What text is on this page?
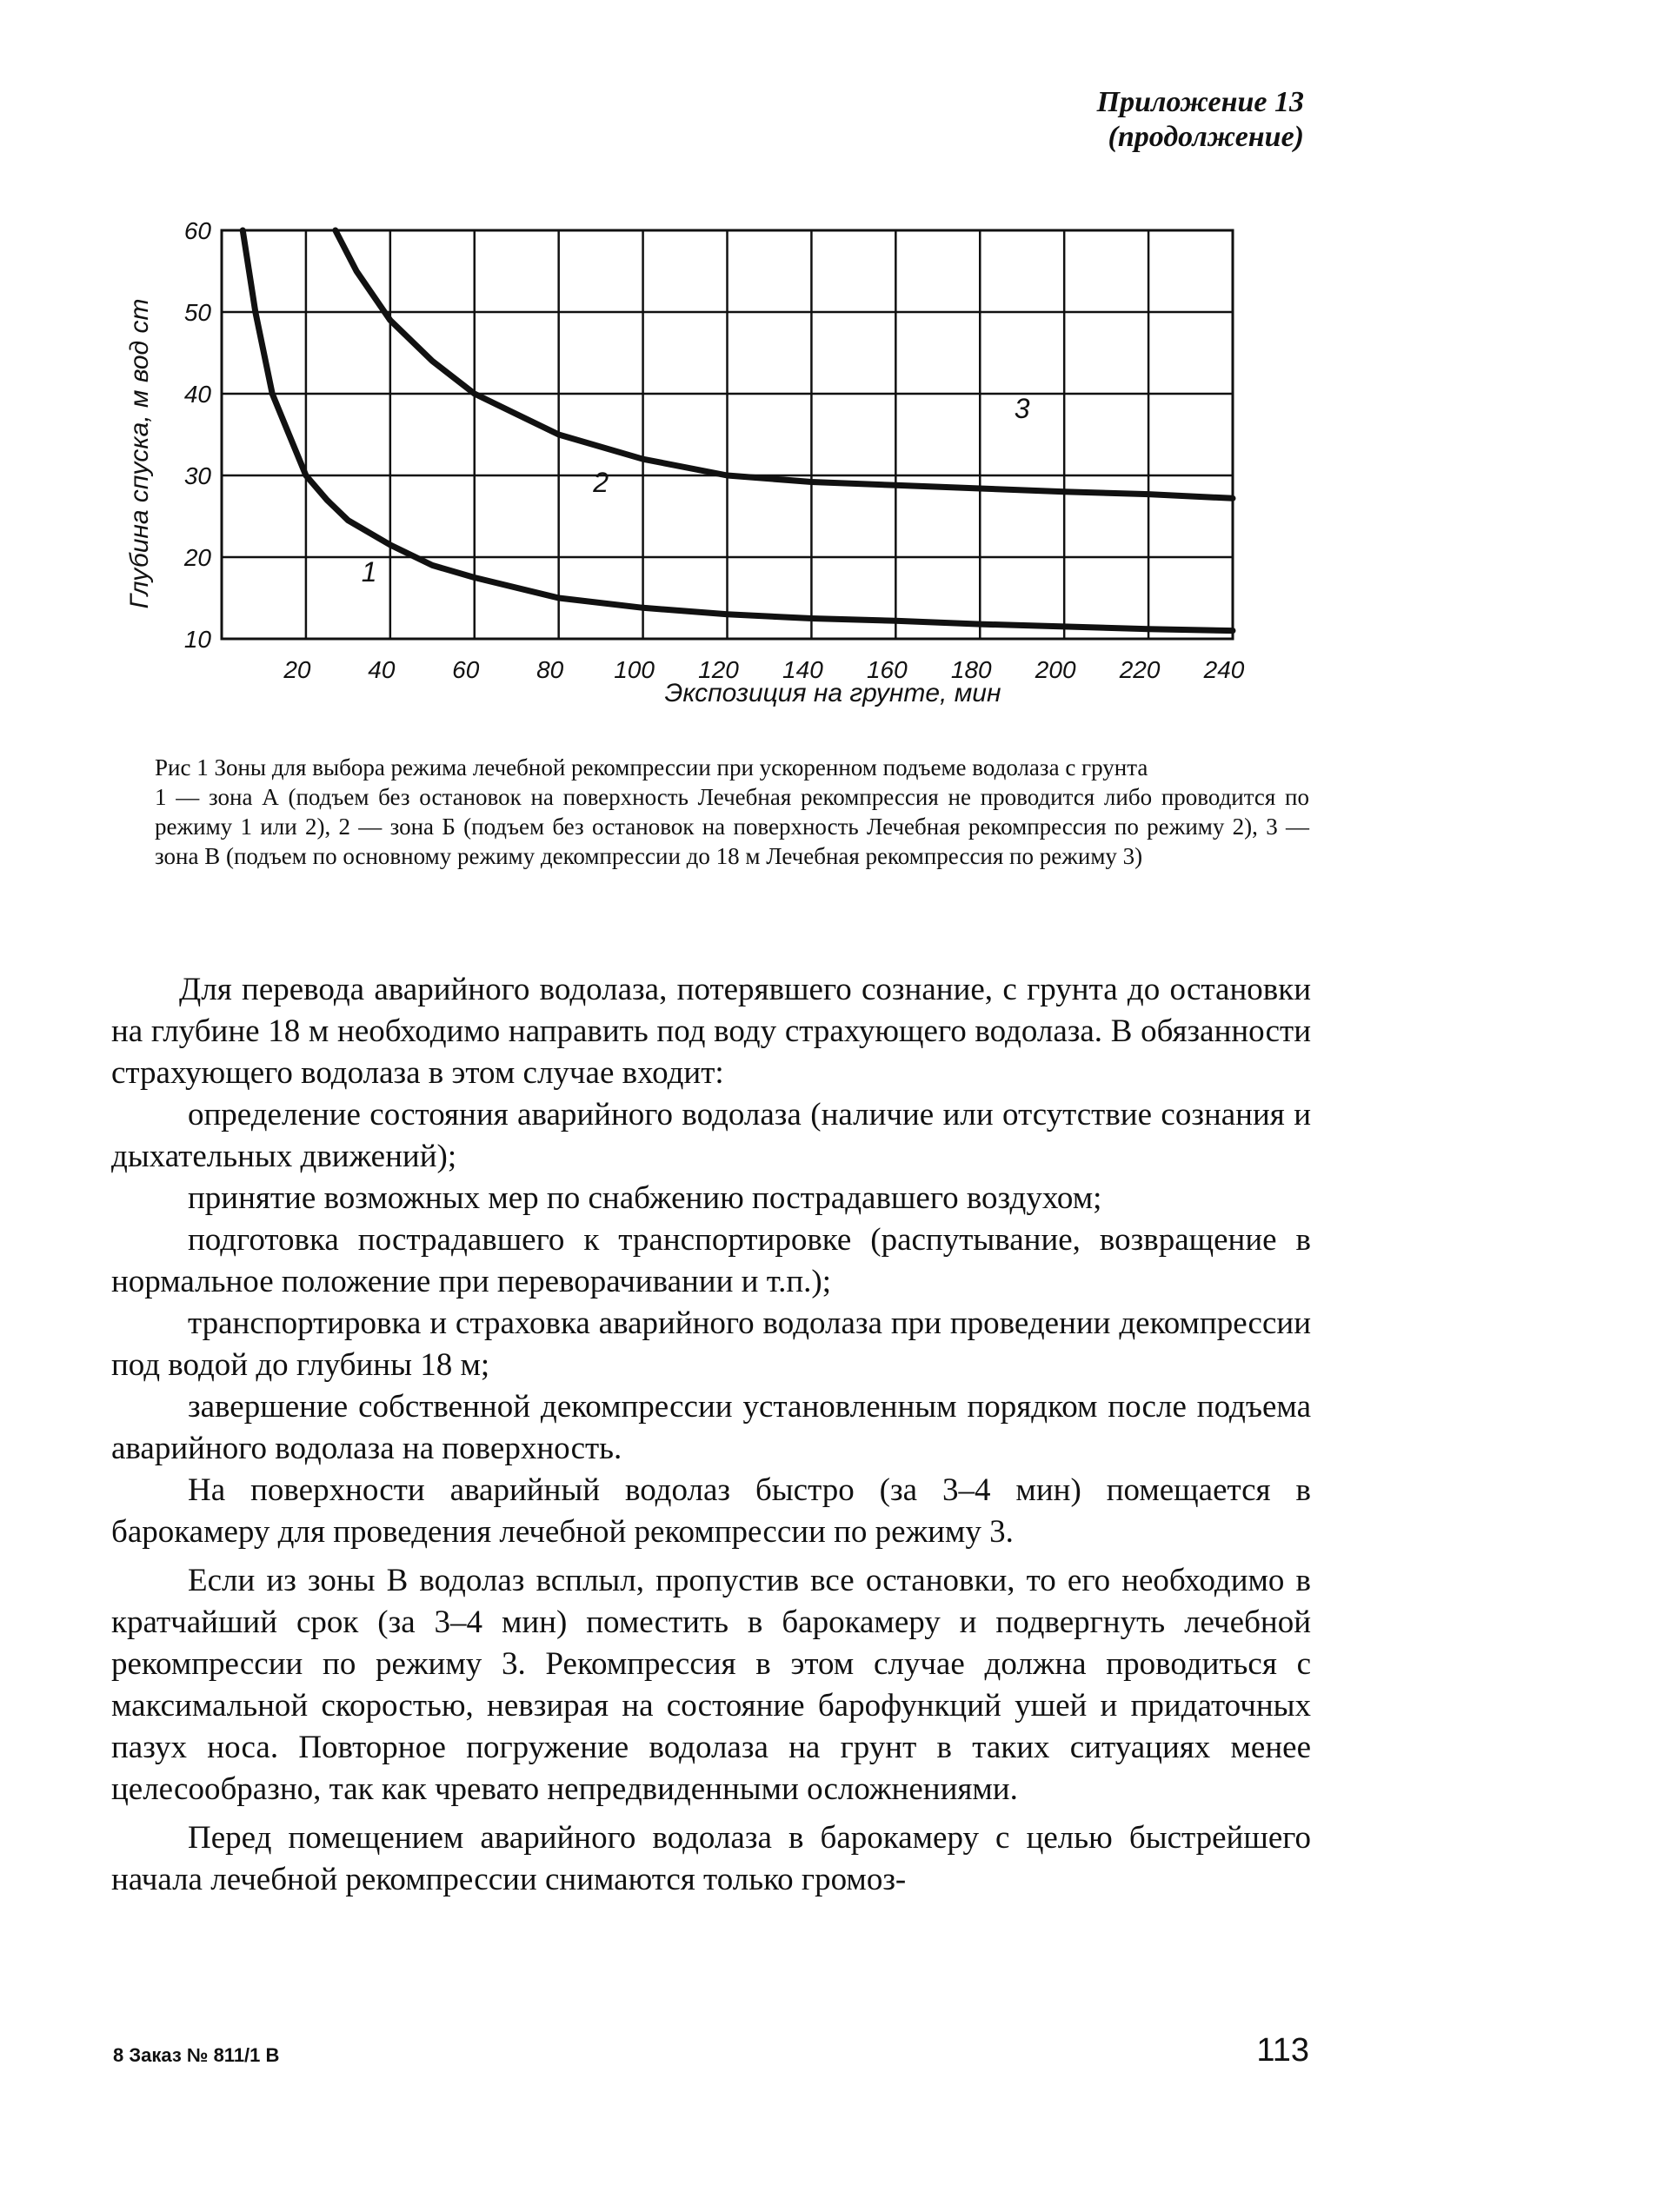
Приложение 13
(продолжение)
20 40 60 80 100 120 140 160 180 200 220 240
10
20
30
40
50
60
1
2
3
Экспозиция на грунте, мин
Глубина спуска, м вод ст

Рис 1 Зоны для выбора режима лечебной рекомпрессии при ускоренном подъеме водолаза с грунта

1 — зона А (подъем без остановок на поверхность Лечебная рекомпрессия не проводится либо проводится по режиму 1 или 2), 2 — зона Б (подъем без остановок на поверхность Лечебная рекомпрессия по режиму 2), 3 — зона В (подъем по основному режиму декомпрессии до 18 м Лечебная рекомпрессия по режиму 3)

Для перевода аварийного водолаза, потерявшего сознание, с грунта до остановки на глубине 18 м необходимо направить под воду страхующего водолаза. В обязанности страхующего водолаза в этом случае входит:

определение состояния аварийного водолаза (наличие или отсутствие сознания и дыхательных движений);

принятие возможных мер по снабжению пострадавшего воздухом;

подготовка пострадавшего к транспортировке (распутывание, возвращение в нормальное положение при переворачивании и т.п.);

транспортировка и страховка аварийного водолаза при проведении декомпрессии под водой до глубины 18 м;

завершение собственной декомпрессии установленным порядком после подъема аварийного водолаза на поверхность.

На поверхности аварийный водолаз быстро (за 3–4 мин) помещается в барокамеру для проведения лечебной рекомпрессии по режиму 3.

Если из зоны В водолаз всплыл, пропустив все остановки, то его необходимо в кратчайший срок (за 3–4 мин) поместить в барокамеру и подвергнуть лечебной рекомпрессии по режиму 3. Рекомпрессия в этом случае должна проводиться с максимальной скоростью, невзирая на состояние барофункций ушей и придаточных пазух носа. Повторное погружение водолаза на грунт в таких ситуациях менее целесообразно, так как чревато непредвиденными осложнениями.

Перед помещением аварийного водолаза в барокамеру с целью быстрейшего начала лечебной рекомпрессии снимаются только громоз-

8 Заказ № 811/1 В	113
